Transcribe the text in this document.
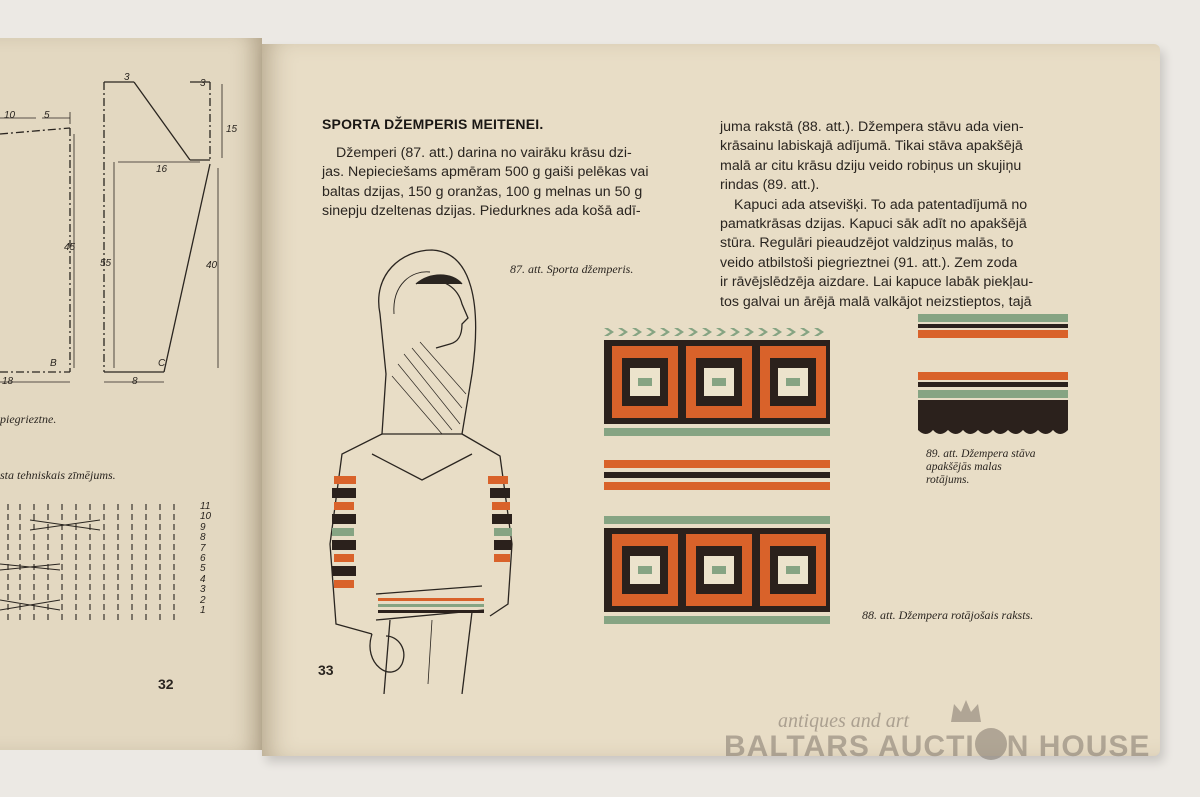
10	5
3
3
15
16
45
55	40
B	C
18	8
piegrieztne.
sta tehniskais zīmējums.
11
10
9
8
7
6
5
4
3
2
1
32
SPORTA DŽEMPERIS MEITENEI.
Džemperi (87. att.) darina no vairāku krāsu dzi-
jas. Nepieciešams apmēram 500 g gaiši pelēkas vai
baltas dzijas, 150 g oranžas, 100 g melnas un 50 g
sinepju dzeltenas dzijas. Piedurknes ada košā adī-
juma rakstā (88. att.). Džempera stāvu ada vien-
krāsainu labiskajā adījumā. Tikai stāva apakšējā
malā ar citu krāsu dziju veido robiņus un skujiņu
rindas (89. att.).
Kapuci ada atsevišķi. To ada patentadījumā no
pamatkrāsas dzijas. Kapuci sāk adīt no apakšējā
stūra. Regulāri pieaudzējot valdziņus malās, to
veido atbilstoši piegrieztnei (91. att.). Zem zoda
ir rāvējslēdzēja aizdare. Lai kapuce labāk piekļau-
tos galvai un ārējā malā valkājot neizstieptos, tajā
87. att. Sporta džemperis.
88. att. Džempera rotājošais raksts.
89. att. Džempera stāva
apakšējās malas
rotājums.
33
antiques and art
BALTARS AUCTI N HOUSE
